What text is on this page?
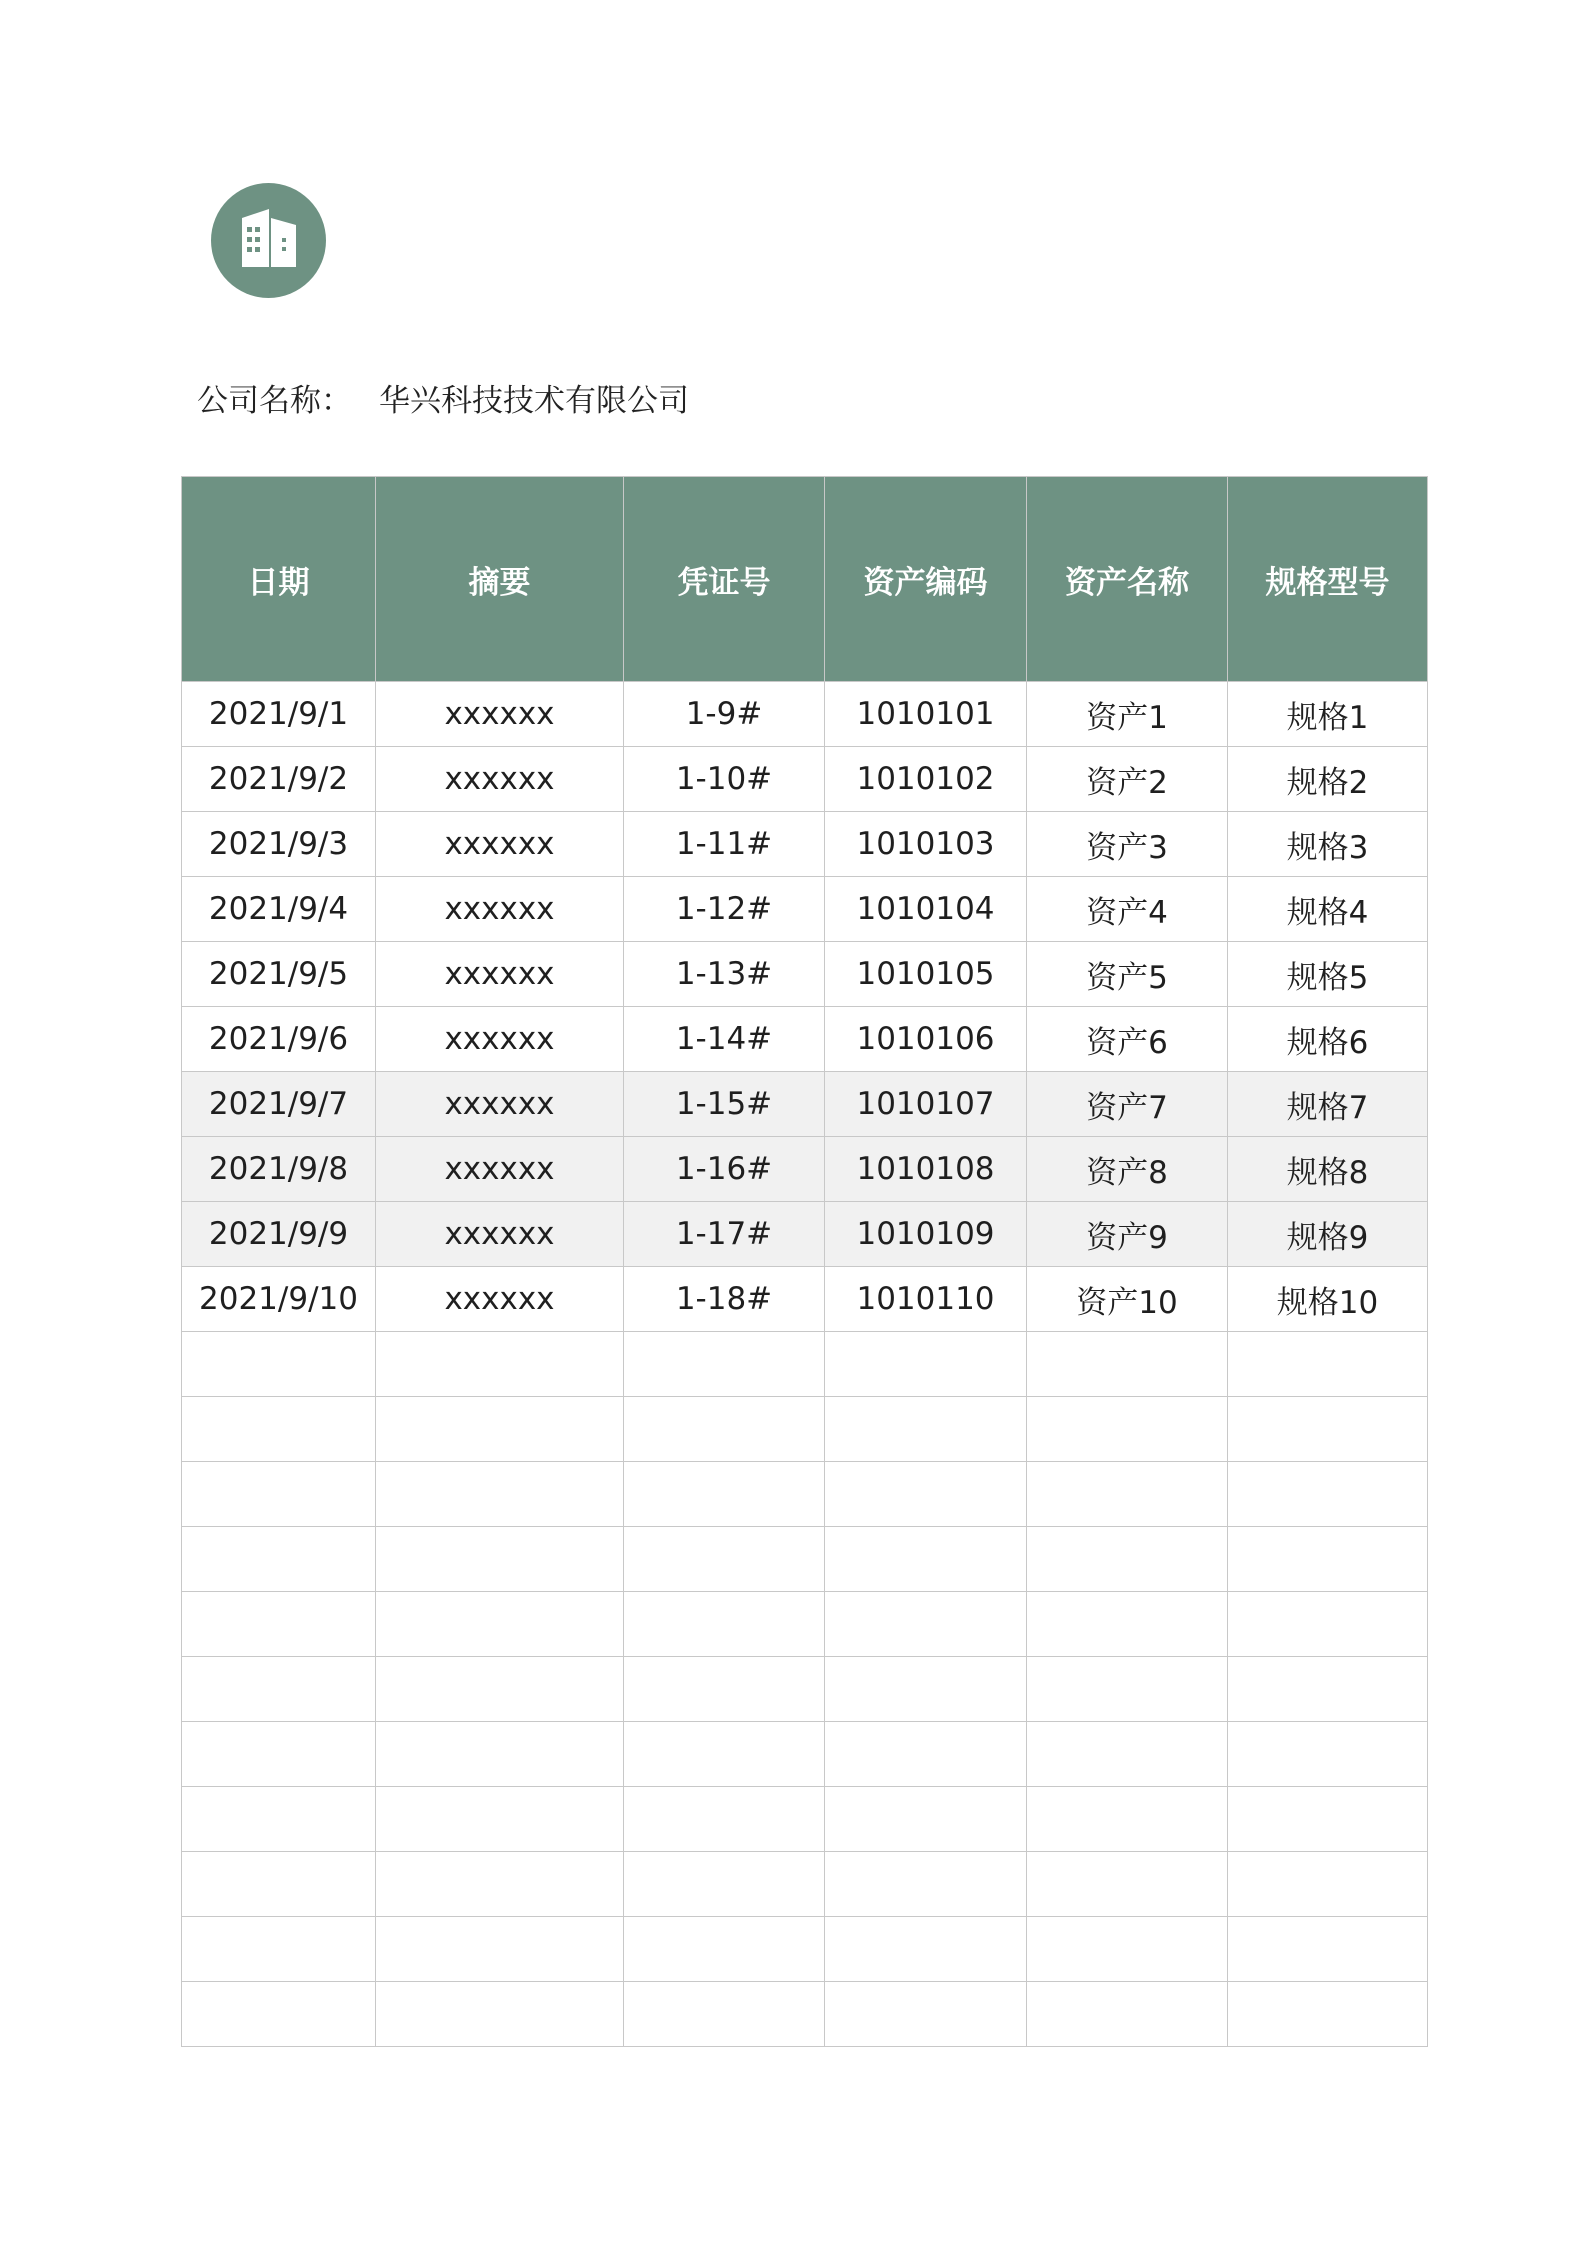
公司名称： 华兴科技技术有限公司
日期	摘要	凭证号	资产编码	资产名称	规格型号
2021/9/1	xxxxxx	1-9#	1010101	资产1	规格1
2021/9/2	xxxxxx	1-10#	1010102	资产2	规格2
2021/9/3	xxxxxx	1-11#	1010103	资产3	规格3
2021/9/4	xxxxxx	1-12#	1010104	资产4	规格4
2021/9/5	xxxxxx	1-13#	1010105	资产5	规格5
2021/9/6	xxxxxx	1-14#	1010106	资产6	规格6
2021/9/7	xxxxxx	1-15#	1010107	资产7	规格7
2021/9/8	xxxxxx	1-16#	1010108	资产8	规格8
2021/9/9	xxxxxx	1-17#	1010109	资产9	规格9
2021/9/10	xxxxxx	1-18#	1010110	资产10	规格10
